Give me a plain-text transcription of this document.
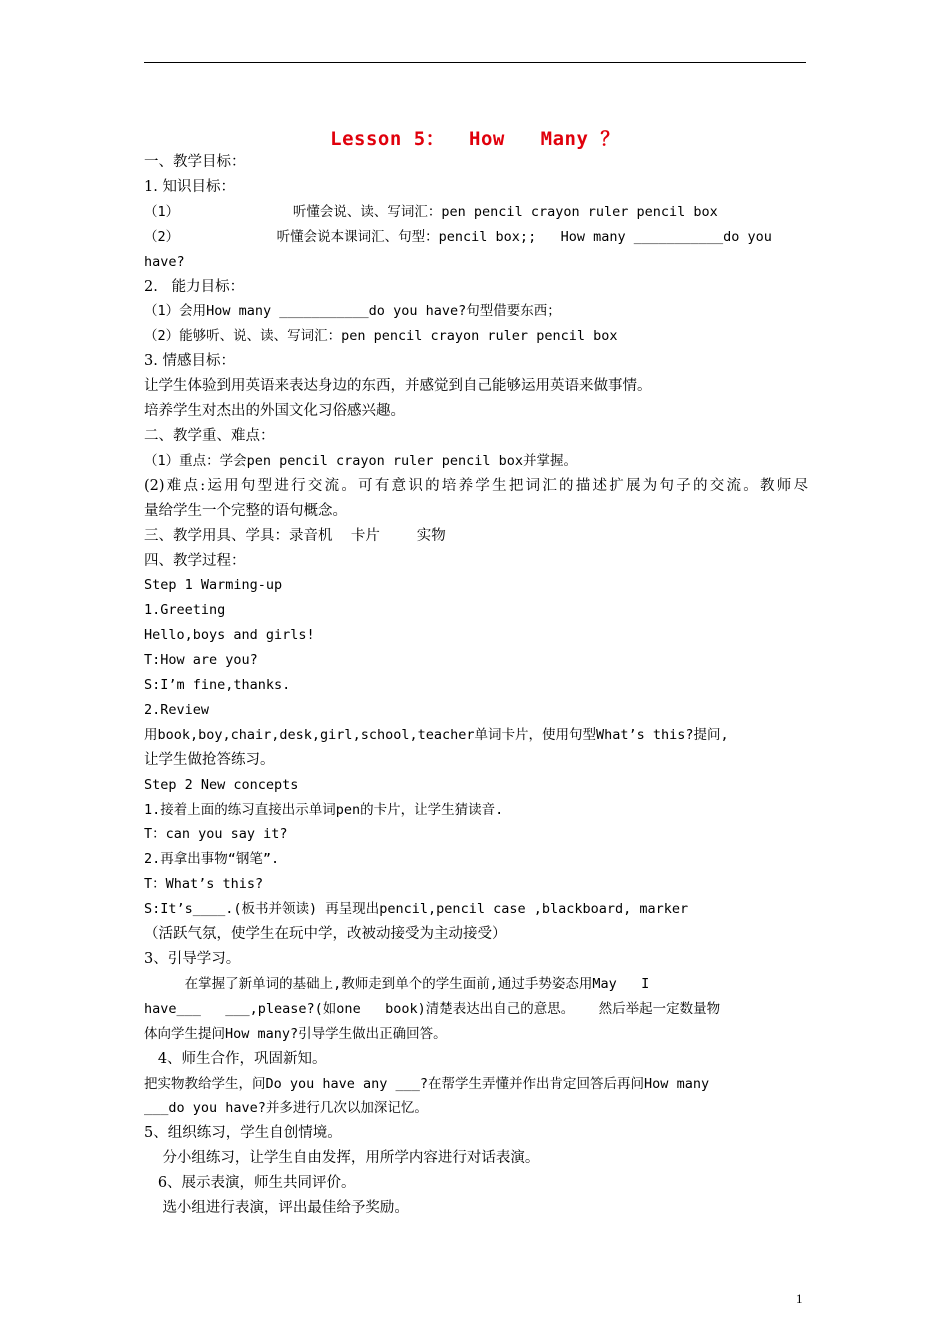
Lesson 5：  How   Many ？

一、教学目标：

1. 知识目标：

（1）              听懂会说、读、写词汇：pen pencil crayon ruler pencil box

（2）            听懂会说本课词汇、句型：pencil box;;   How many ___________do you

have?

2.   能力目标：

（1）会用How many ___________do you have?句型借要东西；

（2）能够听、说、读、写词汇：pen pencil crayon ruler pencil box

3. 情感目标：

让学生体验到用英语来表达身边的东西，并感觉到自己能够运用英语来做事情。

培养学生对杰出的外国文化习俗感兴趣。

二、教学重、难点：

（1）重点：学会pen pencil crayon ruler pencil box并掌握。

(2)难点:运用句型进行交流。可有意识的培养学生把词汇的描述扩展为句子的交流。教师尽

量给学生一个完整的语句概念。

三、教学用具、学具：录音机    卡片        实物

四、教学过程：

Step 1 Warming-up

1.Greeting

Hello,boys and girls!

T:How are you?

S:I’m fine,thanks.

2.Review

用book,boy,chair,desk,girl,school,teacher单词卡片，使用句型What’s this?提问,

让学生做抢答练习。

Step 2 New concepts

1.接着上面的练习直接出示单词pen的卡片，让学生猜读音.

T：can you say it?

2.再拿出事物“钢笔”.

T：What’s this?

S:It’s____.(板书并领读) 再呈现出pencil,pencil case ,blackboard, marker

（活跃气氛，使学生在玩中学，改被动接受为主动接受）

3、引导学习。

在掌握了新单词的基础上,教师走到单个的学生面前,通过手势姿态用May   I

have___   ___,please?(如one   book)清楚表达出自己的意思。   然后举起一定数量物

体向学生提问How many?引导学生做出正确回答。

4、师生合作，巩固新知。

把实物教给学生，问Do you have any ___?在帮学生弄懂并作出肯定回答后再问How many

___do you have?并多进行几次以加深记忆。

5、组织练习，学生自创情境。

分小组练习，让学生自由发挥，用所学内容进行对话表演。

6、展示表演，师生共同评价。

选小组进行表演，评出最佳给予奖励。

1
